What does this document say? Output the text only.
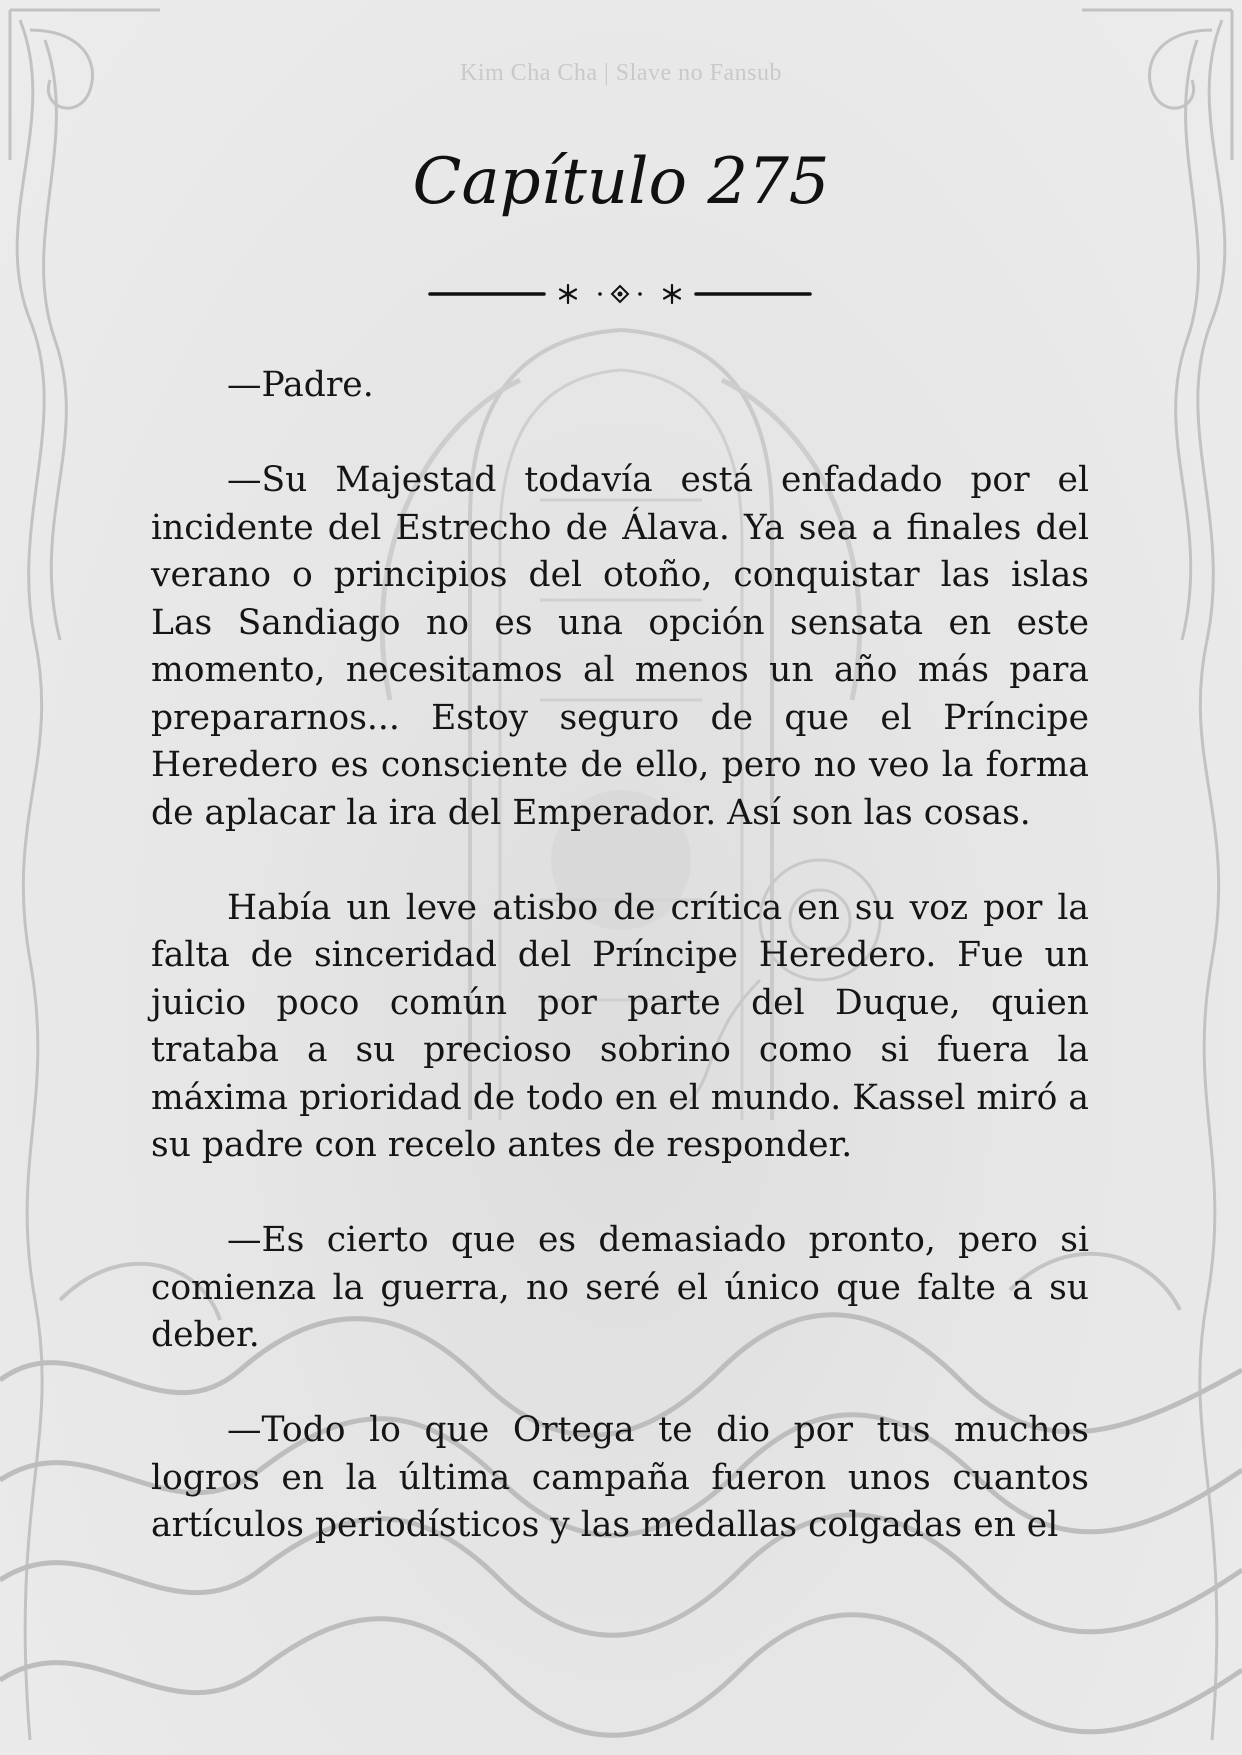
Kim Cha Cha | Slave no Fansub
Capítulo 275

—Padre.

—Su Majestad todavía está enfadado por el incidente del Estrecho de Álava. Ya sea a finales del verano o principios del otoño, conquistar las islas Las Sandiago no es una opción sensata en este momento, necesitamos al menos un año más para prepararnos... Estoy seguro de que el Príncipe Heredero es consciente de ello, pero no veo la forma de aplacar la ira del Emperador. Así son las cosas.

Había un leve atisbo de crítica en su voz por la falta de sinceridad del Príncipe Heredero. Fue un juicio poco común por parte del Duque, quien trataba a su precioso sobrino como si fuera la máxima prioridad de todo en el mundo. Kassel miró a su padre con recelo antes de responder.

—Es cierto que es demasiado pronto, pero si comienza la guerra, no seré el único que falte a su deber.

—Todo lo que Ortega te dio por tus muchos logros en la última campaña fueron unos cuantos artículos periodísticos y las medallas colgadas en el
